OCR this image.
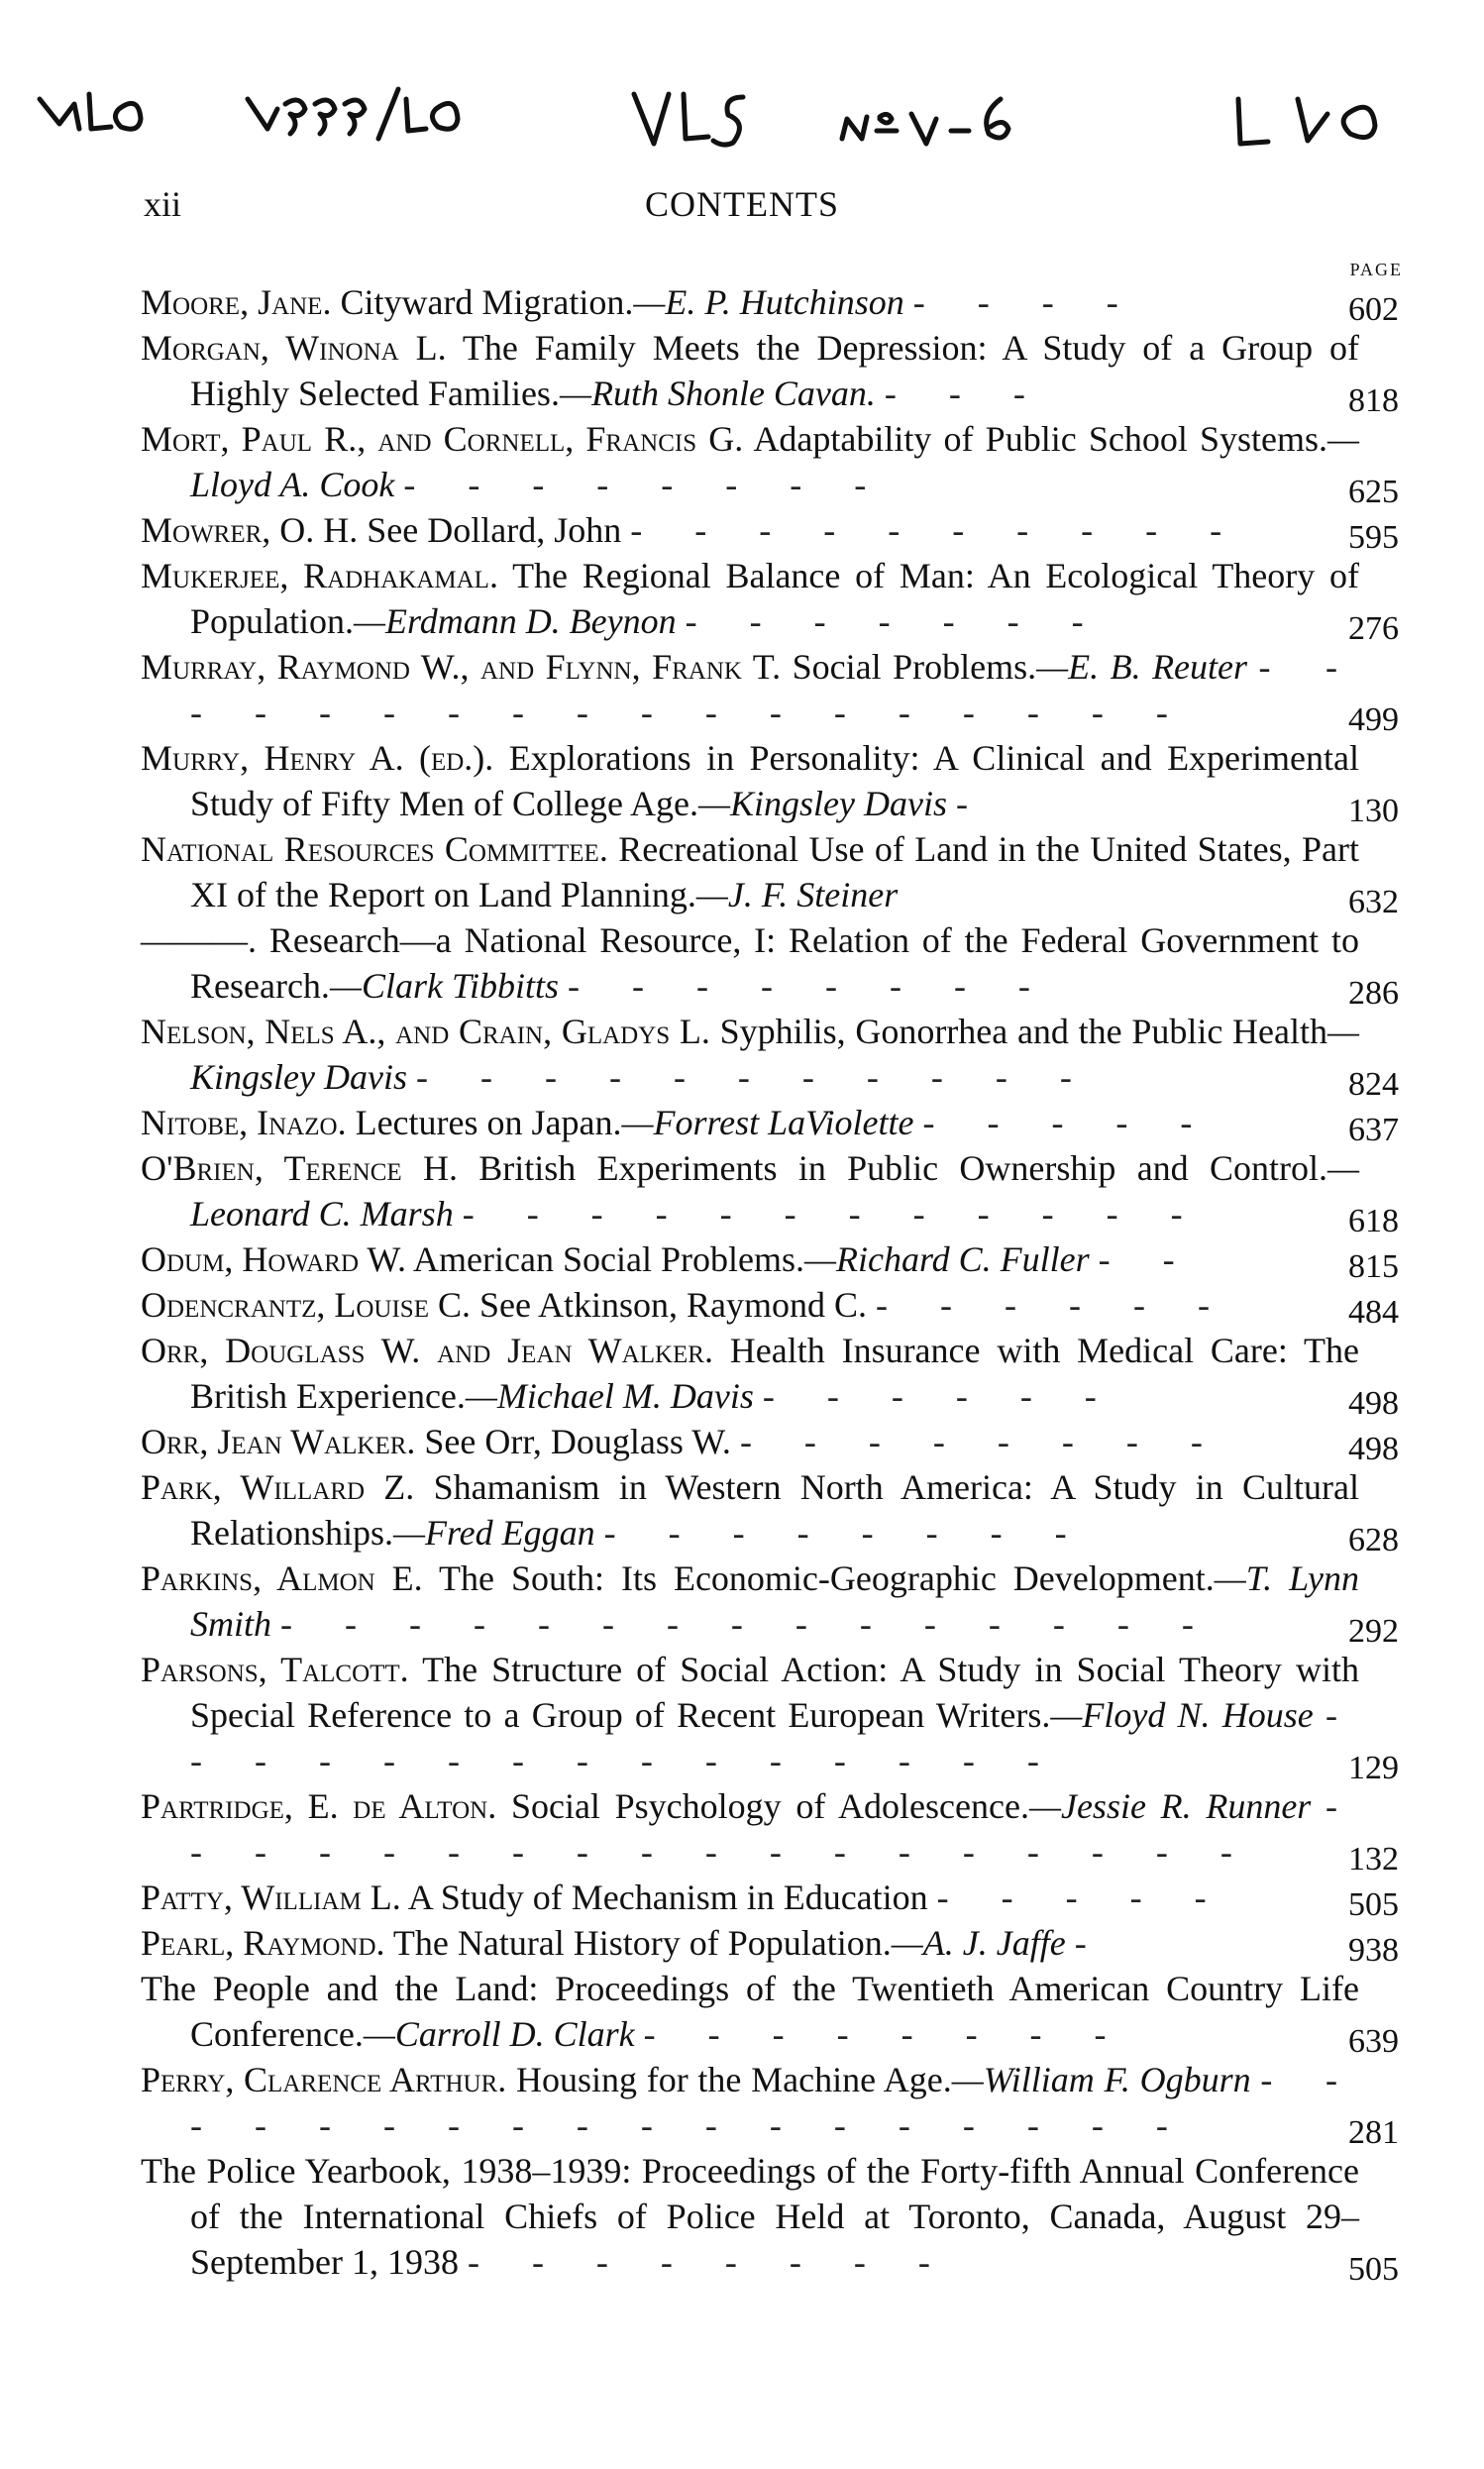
1140 1939/40 VLS no 1-6 L 40
xii	CONTENTS
PAGE
Moore, Jane. Cityward Migration.—E. P. Hutchinson - - - -	602
Morgan, Winona L. The Family Meets the Depression: A Study of a Group of Highly Selected Families.—Ruth Shonle Cavan. - - -	818
Mort, Paul R., and Cornell, Francis G. Adaptability of Public School Systems.—Lloyd A. Cook - - - - - - - -	625
Mowrer, O. H. See Dollard, John - - - - - - - - - -	595
Mukerjee, Radhakamal. The Regional Balance of Man: An Ecological Theory of Population.—Erdmann D. Beynon - - - - - - -	276
Murray, Raymond W., and Flynn, Frank T. Social Problems.—E. B. Reuter - - - - - - - - - - - - - - - - - -	499
Murry, Henry A. (ed.). Explorations in Personality: A Clinical and Experimental Study of Fifty Men of College Age.—Kingsley Davis -	130
National Resources Committee. Recreational Use of Land in the United States, Part XI of the Report on Land Planning.—J. F. Steiner	632
———. Research—a National Resource, I: Relation of the Federal Government to Research.—Clark Tibbitts - - - - - - - -	286
Nelson, Nels A., and Crain, Gladys L. Syphilis, Gonorrhea and the Public Health—Kingsley Davis - - - - - - - - - - -	824
Nitobe, Inazo. Lectures on Japan.—Forrest LaViolette - - - - -	637
O'Brien, Terence H. British Experiments in Public Ownership and Control.—Leonard C. Marsh - - - - - - - - - - - -	618
Odum, Howard W. American Social Problems.—Richard C. Fuller - -	815
Odencrantz, Louise C. See Atkinson, Raymond C. - - - - - -	484
Orr, Douglass W. and Jean Walker. Health Insurance with Medical Care: The British Experience.—Michael M. Davis - - - - - -	498
Orr, Jean Walker. See Orr, Douglass W. - - - - - - - -	498
Park, Willard Z. Shamanism in Western North America: A Study in Cultural Relationships.—Fred Eggan - - - - - - - -	628
Parkins, Almon E. The South: Its Economic-Geographic Development.—T. Lynn Smith - - - - - - - - - - - - - - -	292
Parsons, Talcott. The Structure of Social Action: A Study in Social Theory with Special Reference to a Group of Recent European Writers.—Floyd N. House - - - - - - - - - - - - - - -	129
Partridge, E. de Alton. Social Psychology of Adolescence.—Jessie R. Runner - - - - - - - - - - - - - - - - - -	132
Patty, William L. A Study of Mechanism in Education - - - - -	505
Pearl, Raymond. The Natural History of Population.—A. J. Jaffe -	938
The People and the Land: Proceedings of the Twentieth American Country Life Conference.—Carroll D. Clark - - - - - - - -	639
Perry, Clarence Arthur. Housing for the Machine Age.—William F. Ogburn - - - - - - - - - - - - - - - - - -	281
The Police Yearbook, 1938–1939: Proceedings of the Forty-fifth Annual Conference of the International Chiefs of Police Held at Toronto, Canada, August 29–September 1, 1938 - - - - - - - -	505
